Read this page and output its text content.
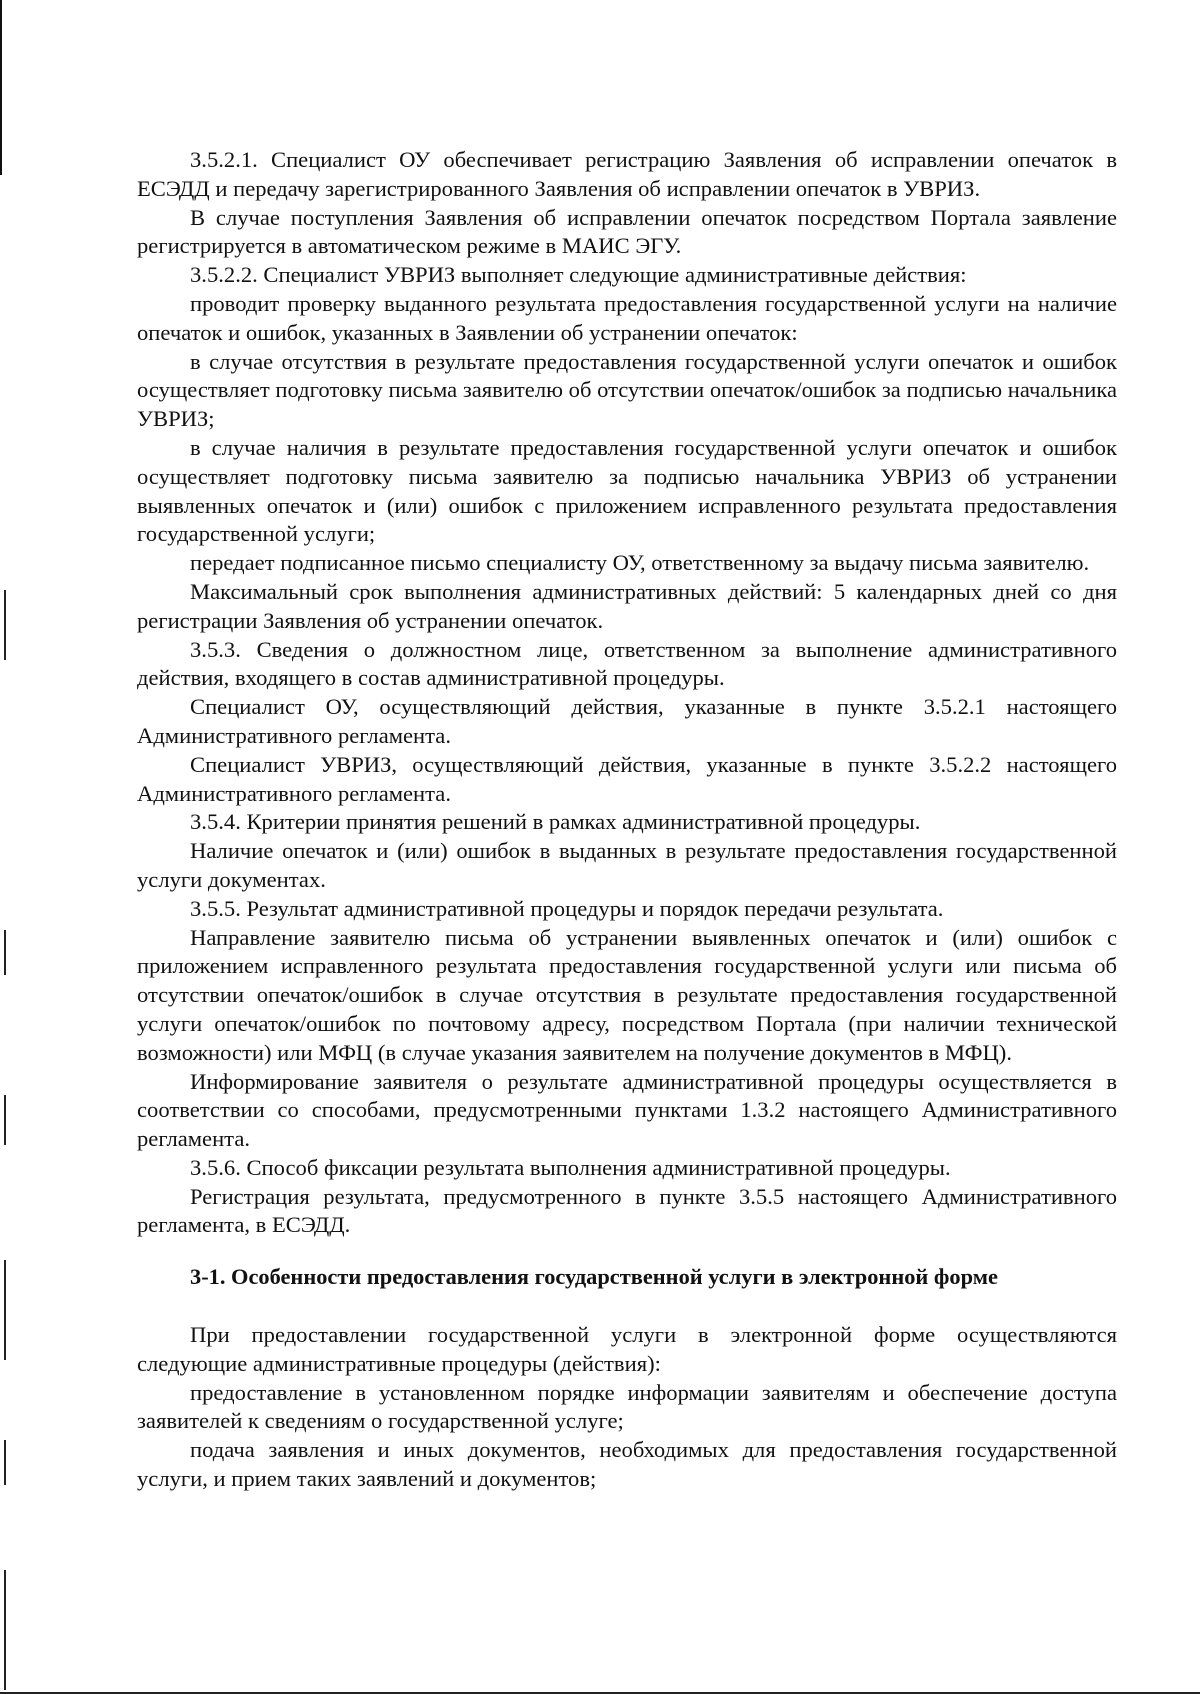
3.5.2.1. Специалист ОУ обеспечивает регистрацию Заявления об исправлении опечаток в ЕСЭДД и передачу зарегистрированного Заявления об исправлении опечаток в УВРИЗ.

В случае поступления Заявления об исправлении опечаток посредством Портала заявление регистрируется в автоматическом режиме в МАИС ЭГУ.

3.5.2.2. Специалист УВРИЗ выполняет следующие административные действия:

проводит проверку выданного результата предоставления государственной услуги на наличие опечаток и ошибок, указанных в Заявлении об устранении опечаток:

в случае отсутствия в результате предоставления государственной услуги опечаток и ошибок осуществляет подготовку письма заявителю об отсутствии опечаток/ошибок за подписью начальника УВРИЗ;

в случае наличия в результате предоставления государственной услуги опечаток и ошибок осуществляет подготовку письма заявителю за подписью начальника УВРИЗ об устранении выявленных опечаток и (или) ошибок с приложением исправленного результата предоставления государственной услуги;

передает подписанное письмо специалисту ОУ, ответственному за выдачу письма заявителю.

Максимальный срок выполнения административных действий: 5 календарных дней со дня регистрации Заявления об устранении опечаток.

3.5.3. Сведения о должностном лице, ответственном за выполнение административного действия, входящего в состав административной процедуры.

Специалист ОУ, осуществляющий действия, указанные в пункте 3.5.2.1 настоящего Административного регламента.

Специалист УВРИЗ, осуществляющий действия, указанные в пункте 3.5.2.2 настоящего Административного регламента.

3.5.4. Критерии принятия решений в рамках административной процедуры.

Наличие опечаток и (или) ошибок в выданных в результате предоставления государственной услуги документах.

3.5.5. Результат административной процедуры и порядок передачи результата.

Направление заявителю письма об устранении выявленных опечаток и (или) ошибок с приложением исправленного результата предоставления государственной услуги или письма об отсутствии опечаток/ошибок в случае отсутствия в результате предоставления государственной услуги опечаток/ошибок по почтовому адресу, посредством Портала (при наличии технической возможности) или МФЦ (в случае указания заявителем на получение документов в МФЦ).

Информирование заявителя о результате административной процедуры осуществляется в соответствии со способами, предусмотренными пунктами 1.3.2 настоящего Административного регламента.

3.5.6. Способ фиксации результата выполнения административной процедуры.

Регистрация результата, предусмотренного в пункте 3.5.5 настоящего Административного регламента, в ЕСЭДД.

3-1. Особенности предоставления государственной услуги в электронной форме

При предоставлении государственной услуги в электронной форме осуществляются следующие административные процедуры (действия):

предоставление в установленном порядке информации заявителям и обеспечение доступа заявителей к сведениям о государственной услуге;

подача заявления и иных документов, необходимых для предоставления государственной услуги, и прием таких заявлений и документов;
